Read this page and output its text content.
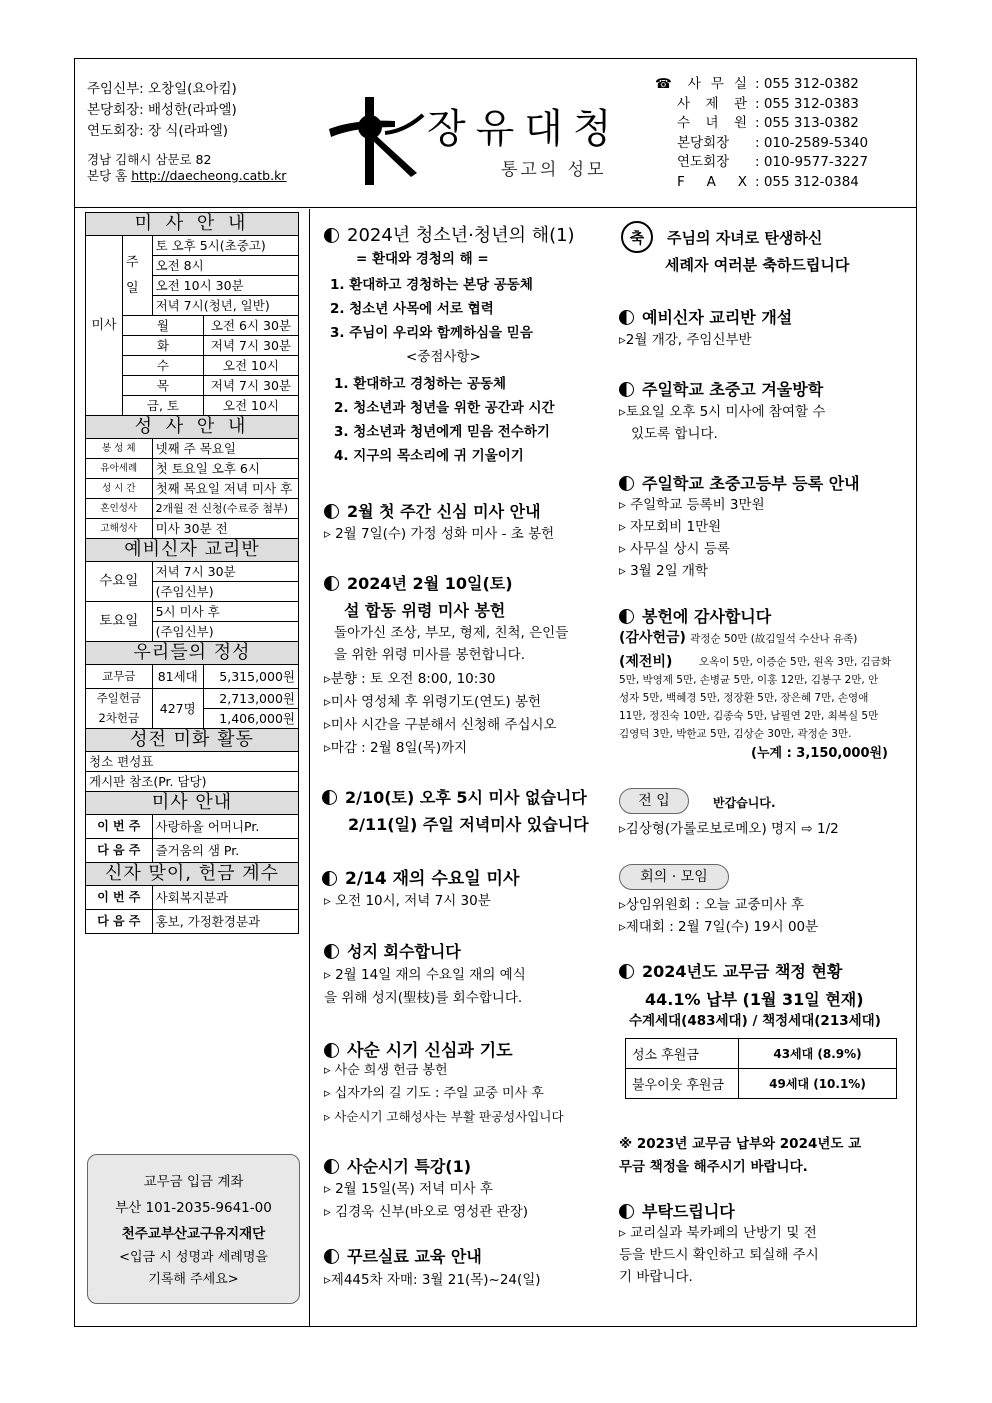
주임신부: 오창일(요아킴)
본당회장: 배성한(라파엘)
연도회장: 장 식(라파엘)
경남 김해시 삼문로 82
본당 홈 http://daecheong.catb.kr
장유대청
통고의 성모
☎ 사 무 실 : 055 312-0382
사 제 관 : 055 312-0383
수 녀 원 : 055 313-0382
본당회장	: 010-2589-5340
연도회장	: 010-9577-3227
F A X : 055 312-0384
미 사 안 내			
미사	주일	토 오후 5시(초중고)	
		오전 8시	
		오전 10시 30분	
		저녁 7시(청년, 일반)	
	월		오전 6시 30분
	화		저녁 7시 30분
	수		오전 10시
	목		저녁 7시 30분
	금, 토		오전 10시
성 사 안 내			
봉 성 체		넷째 주 목요일	
유아세례		첫 토요일 오후 6시	
성 시 간		첫째 목요일 저녁 미사 후	
혼인성사		2개월 전 신청(수료증 첨부)	
고해성사		미사 30분 전	
예비신자 교리반			
수요일		저녁 7시 30분	
		(주임신부)	
토요일		5시 미사 후	
		(주임신부)	
우리들의 정성			
교무금		81세대	5,315,000원
주일헌금		427명	2,713,000원
2차헌금			1,406,000원
성전 미화 활동			
청소 편성표			
게시판 참조(Pr. 담당)			
미사 안내			
이 번 주		사랑하올 어머니Pr.	
다 음 주		즐거움의 샘 Pr.	
신자 맞이, 헌금 계수			
이 번 주		사회복지분과	
다 음 주		홍보, 가정환경분과	
교무금 입금 계좌
부산 101-2035-9641-00
천주교부산교구유지재단
<입금 시 성명과 세례명을
기록해 주세요>
2024년 청소년·청년의 해(1)
= 환대와 경청의 해 =
1. 환대하고 경청하는 본당 공동체
2. 청소년 사목에 서로 협력
3. 주님이 우리와 함께하심을 믿음
<중점사항>
1. 환대하고 경청하는 공동체
2. 청소년과 청년을 위한 공간과 시간
3. 청소년과 청년에게 믿음 전수하기
4. 지구의 목소리에 귀 기울이기
2월 첫 주간 신심 미사 안내
▹ 2월 7일(수) 가정 성화 미사 - 초 봉헌
2024년 2월 10일(토)
설 합동 위령 미사 봉헌
돌아가신 조상, 부모, 형제, 친척, 은인들
을 위한 위령 미사를 봉헌합니다.
▹분향 : 토 오전 8:00, 10:30
▹미사 영성체 후 위령기도(연도) 봉헌
▹미사 시간을 구분해서 신청해 주십시오
▹마감 : 2월 8일(목)까지
2/10(토) 오후 5시 미사 없습니다
2/11(일) 주일 저녁미사 있습니다
2/14 재의 수요일 미사
▹ 오전 10시, 저녁 7시 30분
성지 회수합니다
▹ 2월 14일 재의 수요일 재의 예식
을 위해 성지(聖枝)를 회수합니다.
사순 시기 신심과 기도
▹ 사순 희생 헌금 봉헌
▹ 십자가의 길 기도 : 주일 교중 미사 후
▹ 사순시기 고해성사는 부활 판공성사입니다
사순시기 특강(1)
▹ 2월 15일(목) 저녁 미사 후
▹ 김경욱 신부(바오로 영성관 관장)
꾸르실료 교육 안내
▹제445차 자매: 3월 21(목)~24(일)
축	주님의 자녀로 탄생하신
세례자 여러분 축하드립니다
예비신자 교리반 개설
▹2월 개강, 주임신부반
주일학교 초중고 겨울방학
▹토요일 오후 5시 미사에 참여할 수
있도록 합니다.
주일학교 초중고등부 등록 안내
▹ 주일학교 등록비 3만원
▹ 자모회비 1만원
▹ 사무실 상시 등록
▹ 3월 2일 개학
봉헌에 감사합니다
(감사헌금) 곽정순 50만 (故김일석 수산나 유족)
(제전비)	오옥이 5만, 이증순 5만, 원옥 3만, 김금화
5만, 박영제 5만, 손병균 5만, 이홍 12만, 김봉구 2만, 안
성자 5만, 백혜경 5만, 정장환 5만, 장은혜 7만, 손영애
11만, 정진숙 10만, 김종숙 5만, 남필연 2만, 최복실 5만
김영덕 3만, 박한교 5만, 김상순 30만, 곽정순 3만.
(누계 : 3,150,000원)
전 입	반갑습니다.
▹김상형(가롤로보로메오) 명지 ⇨ 1/2
회의 · 모임
▹상임위원회 : 오늘 교중미사 후
▹제대회 : 2월 7일(수) 19시 00분
2024년도 교무금 책정 현황
44.1% 납부 (1월 31일 현재)
수계세대(483세대) / 책정세대(213세대)
성소 후원금	43세대 (8.9%)
불우이웃 후원금	49세대 (10.1%)
※ 2023년 교무금 납부와 2024년도 교
무금 책정을 해주시기 바랍니다.
부탁드립니다
▹ 교리실과 북카페의 난방기 및 전
등을 반드시 확인하고 퇴실해 주시
기 바랍니다.
